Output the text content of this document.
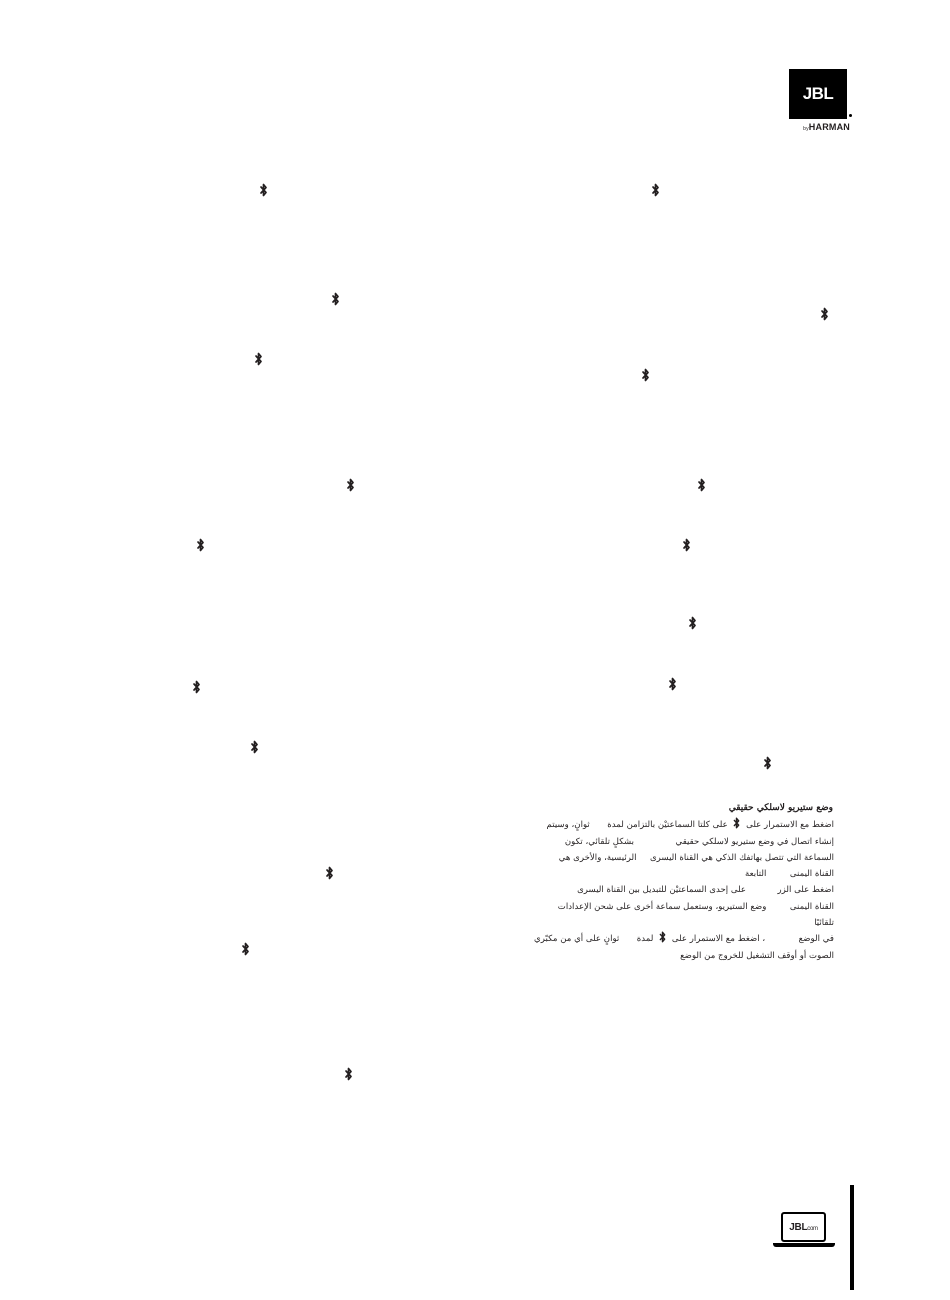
JBL
byHARMAN
وضع ستيريو لاسلكي حقيقي
اضغط مع الاستمرار على
على كلتا السماعتيْن بالتزامن لمدة  ثوانٍ، وسيتم
إنشاء اتصال في وضع ستيريو لاسلكي حقيقي  بشكلٍ تلقائي، تكون
السماعة التي تتصل بهاتفك الذكي هي القناة اليسرى  الرئيسية، والأخرى هي
القناة اليمنى  التابعة
اضغط على الزر  على إحدى السماعتيْن للتبديل بين القناة اليسرى
القناة اليمنى  وضع الستيريو، وستعمل سماعة أخرى على شحن الإعدادات
تلقائيًا
في الوضع  ، اضغط مع الاستمرار على
لمدة  ثوانٍ على أي من مكبّري
الصوت أو أوقف التشغيل للخروج من الوضع
JBLcom
